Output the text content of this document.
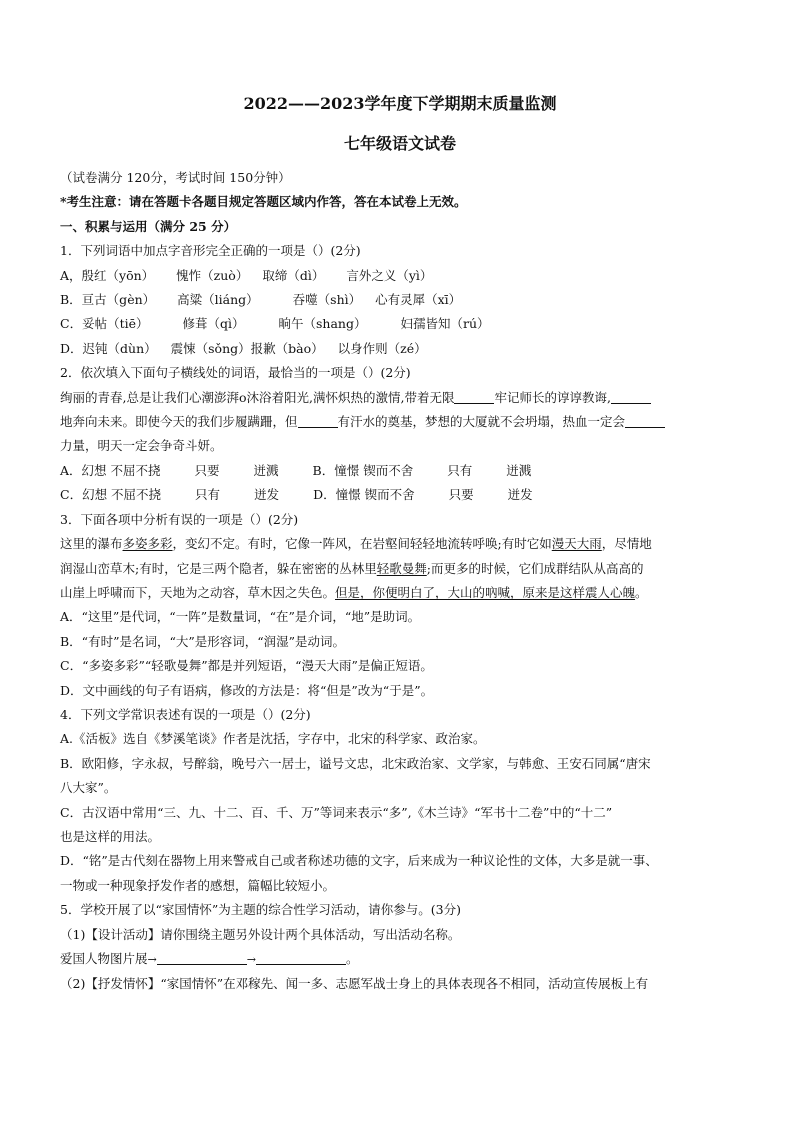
2022——2023学年度下学期期末质量监测

七年级语文试卷

（试卷满分 120分，考试时间 150分钟）

*考生注意：请在答题卡各题目规定答题区域内作答，答在本试卷上无效。

一、积累与运用（满分 25 分）

1．下列词语中加点字音形完全正确的一项是（）(2分)

A，殷红（yōn） 愧怍（zuò） 取缔（dì） 言外之义（yì）

B．亘古（gèn） 高粱（liáng）	吞噬（shì） 心有灵犀（xī）

C．妥帖（tiē）	修葺（qì）	晌午（shang）	妇孺皆知（rú）

D．迟钝（dùn） 震悚（sǒng）报歉（bào） 以身作则（zé）

2．依次填入下面句子横线处的词语，最恰当的一项是（）(2分)

绚丽的青春,总是让我们心潮澎湃o沐浴着阳光,满怀炽热的激情,带着无限	牢记师长的谆谆教诲,

地奔向未来。即使今天的我们步履蹒跚，但	有汗水的奠基，梦想的大厦就不会坍塌，热血一定会

力量，明天一定会争奇斗妍。

A．幻想 不屈不挠	只要	迸溅	B．憧憬 锲而不舍	只有	迸溅

C．幻想 不屈不挠	只有	迸发	D．憧憬 锲而不舍	只要	迸发

3．下面各项中分析有误的一项是（）(2分)

这里的瀑布多姿多彩，变幻不定。有时，它像一阵风，在岩壑间轻轻地流转呼唤;有时它如漫天大雨，尽情地

润湿山峦草木;有时，它是三两个隐者，躲在密密的丛林里轻歌曼舞;而更多的时候，它们成群结队从高高的

山崖上呼啸而下，天地为之动容，草木因之失色。但是，你便明白了，大山的吶喊，原来是这样震人心魄。

A．“这里”是代词，“一阵”是数量词，“在”是介词，“地”是助词。

B．“有时”是名词，“大”是形容词，“润湿”是动词。

C．“多姿多彩”“轻歌曼舞”都是并列短语，“漫天大雨”是偏正短语。

D．文中画线的句子有语病，修改的方法是：将“但是”改为“于是”。

4．下列文学常识表述有误的一项是（）(2分)

A.《活板》选自《梦溪笔谈》作者是沈括，字存中，北宋的科学家、政治家。

B．欧阳修，字永叔，号醉翁，晚号六一居士，谥号文忠，北宋政治家、文学家，与韩愈、王安石同属“唐宋

八大家”。

C．古汉语中常用“三、九、十二、百、千、万”等词来表示“多”,《木兰诗》“军书十二卷”中的“十二”

也是这样的用法。

D．“铭”是古代刻在器物上用来警戒自己或者称述功德的文字，后来成为一种议论性的文体，大多是就一事、

一物或一种现象抒发作者的感想，篇幅比较短小。

5．学校开展了以“家国情怀”为主题的综合性学习活动，请你参与。(3分)

（1)【设计活动】请你围绕主题另外设计两个具体活动，写出活动名称。

爱国人物图片展→	→	。

（2)【抒发情怀】“家国情怀”在邓稼先、闻一多、志愿军战士身上的具体表现各不相同，活动宣传展板上有
